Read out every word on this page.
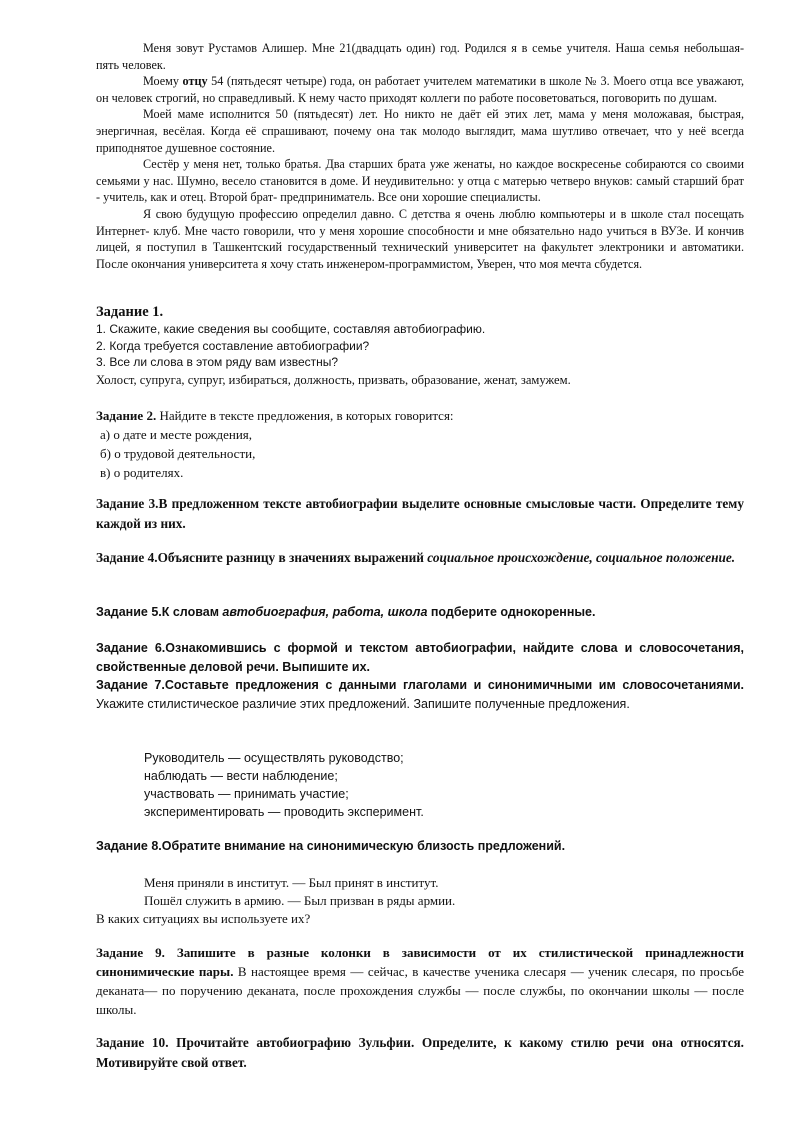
Меня зовут Рустамов Алишер. Мне 21(двадцать один) год. Родился я в семье учителя. Наша семья небольшая- пять человек.

Моему отцу 54 (пятьдесят четыре) года, он работает учителем математики в школе № 3. Моего отца все уважают, он человек строгий, но справедливый. К нему часто приходят коллеги по работе посоветоваться, поговорить по душам.

Моей маме исполнится 50 (пятьдесят) лет. Но никто не даёт ей этих лет, мама у меня моложавая, быстрая, энергичная, весёлая. Когда её спрашивают, почему она так молодо выглядит, мама шутливо отвечает, что у неё всегда приподнятое душевное состояние.

Сестёр у меня нет, только братья. Два старших брата уже женаты, но каждое воскресенье собираются со своими семьями у нас. Шумно, весело становится в доме. И неудивительно: у отца с матерью четверо внуков: самый старший брат - учитель, как и отец. Второй брат- предприниматель. Все они хорошие специалисты.

Я свою будущую профессию определил давно. С детства я очень люблю компьютеры и в школе стал посещать Интернет- клуб. Мне часто говорили, что у меня хорошие способности и мне обязательно надо учиться в ВУЗе. И кончив лицей, я поступил в Ташкентский государственный технический университет на факультет электроники и автоматики. После окончания университета я хочу стать инженером-программистом, Уверен, что моя мечта сбудется.

Задание 1.
1. Скажите, какие сведения вы сообщите, составляя автобиографию.
2. Когда требуется составление автобиографии?
3. Все ли слова в этом ряду вам известны?
Холост, супруга, супруг, избираться, должность, призвать, образование, женат, замужем.
Задание 2. Найдите в тексте предложения, в которых говорится:
а) о дате и месте рождения,
б) о трудовой деятельности,
в) о родителях.
Задание 3.В предложенном тексте автобиографии выделите основные смысловые части. Определите тему каждой из них.
Задание 4.Объясните разницу в значениях выражений социальное происхождение, социальное положение.
Задание 5.К словам автобиография, работа, школа подберите однокоренные.
Задание 6.Ознакомившись с формой и текстом автобиографии, найдите слова и словосочетания, свойственные деловой речи. Выпишите их.
Задание 7.Составьте предложения с данными глаголами и синонимичными им словосочетаниями. Укажите стилистическое различие этих предложений. Запишите полученные предложения.
Руководитель — осуществлять руководство;
наблюдать — вести наблюдение;
участвовать — принимать участие;
экспериментировать — проводить эксперимент.
Задание 8.Обратите внимание на синонимическую близость предложений.
Меня приняли в институт. — Был принят в институт.
Пошёл служить в армию. — Был призван в ряды армии.
В каких ситуациях вы используете их?
Задание 9. Запишите в разные колонки в зависимости от их стилистической принадлежности синонимические пары. В настоящее время — сейчас, в качестве ученика слесаря — ученик слесаря, по просьбе деканата— по поручению деканата, после прохождения службы — после службы, по окончании школы — после школы.
Задание 10. Прочитайте автобиографию Зульфии. Определите, к какому стилю речи она относятся. Мотивируйте свой ответ.
